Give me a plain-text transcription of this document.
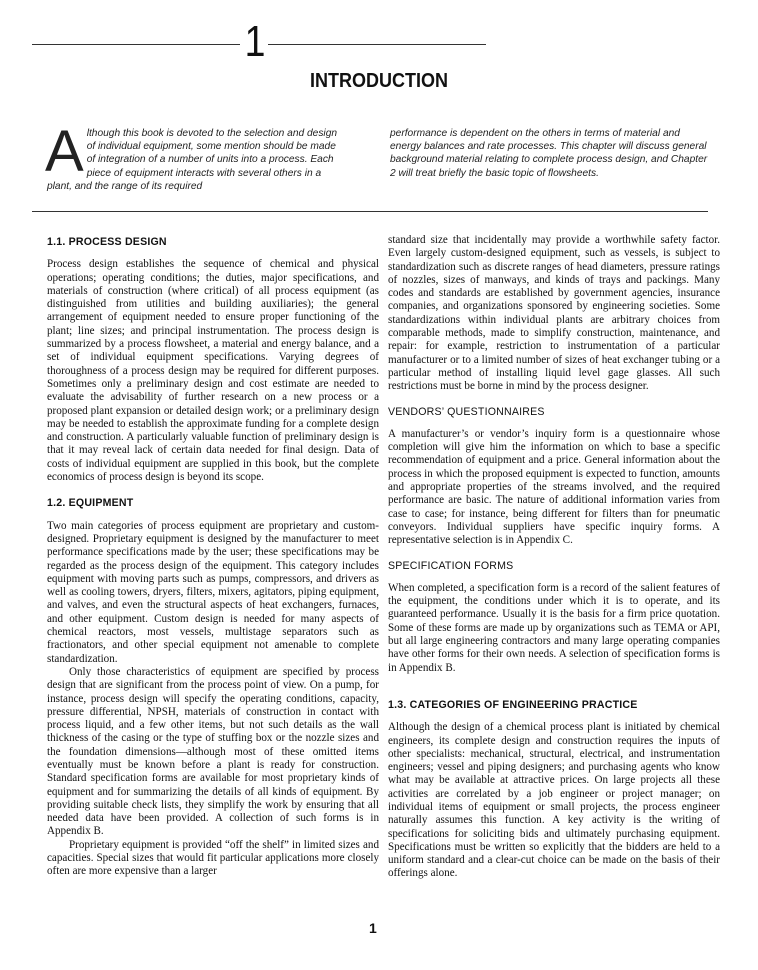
1
INTRODUCTION
Although this book is devoted to the selection and design of individual equipment, some mention should be made of integration of a number of units into a process. Each piece of equipment interacts with several others in a plant, and the range of its required
performance is dependent on the others in terms of material and energy balances and rate processes. This chapter will discuss general background material relating to complete process design, and Chapter 2 will treat briefly the basic topic of flowsheets.
1.1. PROCESS DESIGN

Process design establishes the sequence of chemical and physical operations; operating conditions; the duties, major specifications, and materials of construction (where critical) of all process equipment (as distinguished from utilities and building auxiliaries); the general arrangement of equipment needed to ensure proper functioning of the plant; line sizes; and principal instrumentation. The process design is summarized by a process flowsheet, a material and energy balance, and a set of individual equipment specifications. Varying degrees of thoroughness of a process design may be required for different purposes. Sometimes only a preliminary design and cost estimate are needed to evaluate the advisability of further research on a new process or a proposed plant expansion or detailed design work; or a preliminary design may be needed to establish the approximate funding for a complete design and construction. A particularly valuable function of preliminary design is that it may reveal lack of certain data needed for final design. Data of costs of individual equipment are supplied in this book, but the complete economics of process design is beyond its scope.

1.2. EQUIPMENT

Two main categories of process equipment are proprietary and custom-designed. Proprietary equipment is designed by the manufacturer to meet performance specifications made by the user; these specifications may be regarded as the process design of the equipment. This category includes equipment with moving parts such as pumps, compressors, and drivers as well as cooling towers, dryers, filters, mixers, agitators, piping equipment, and valves, and even the structural aspects of heat exchangers, furnaces, and other equipment. Custom design is needed for many aspects of chemical reactors, most vessels, multistage separators such as fractionators, and other special equipment not amenable to complete standardization.

Only those characteristics of equipment are specified by process design that are significant from the process point of view. On a pump, for instance, process design will specify the operating conditions, capacity, pressure differential, NPSH, materials of construction in contact with process liquid, and a few other items, but not such details as the wall thickness of the casing or the type of stuffing box or the nozzle sizes and the foundation dimensions—although most of these omitted items eventually must be known before a plant is ready for construction. Standard specification forms are available for most proprietary kinds of equipment and for summarizing the details of all kinds of equipment. By providing suitable check lists, they simplify the work by ensuring that all needed data have been provided. A collection of such forms is in Appendix B.

Proprietary equipment is provided “off the shelf” in limited sizes and capacities. Special sizes that would fit particular applications more closely often are more expensive than a larger

standard size that incidentally may provide a worthwhile safety factor. Even largely custom-designed equipment, such as vessels, is subject to standardization such as discrete ranges of head diameters, pressure ratings of nozzles, sizes of manways, and kinds of trays and packings. Many codes and standards are established by government agencies, insurance companies, and organizations sponsored by engineering societies. Some standardizations within individual plants are arbitrary choices from comparable methods, made to simplify construction, maintenance, and repair: for example, restriction to instrumentation of a particular manufacturer or to a limited number of sizes of heat exchanger tubing or a particular method of installing liquid level gage glasses. All such restrictions must be borne in mind by the process designer.

VENDORS’ QUESTIONNAIRES

A manufacturer’s or vendor’s inquiry form is a questionnaire whose completion will give him the information on which to base a specific recommendation of equipment and a price. General information about the process in which the proposed equipment is expected to function, amounts and appropriate properties of the streams involved, and the required performance are basic. The nature of additional information varies from case to case; for instance, being different for filters than for pneumatic conveyors. Individual suppliers have specific inquiry forms. A representative selection is in Appendix C.

SPECIFICATION FORMS

When completed, a specification form is a record of the salient features of the equipment, the conditions under which it is to operate, and its guaranteed performance. Usually it is the basis for a firm price quotation. Some of these forms are made up by organizations such as TEMA or API, but all large engineering contractors and many large operating companies have other forms for their own needs. A selection of specification forms is in Appendix B.

1.3. CATEGORIES OF ENGINEERING PRACTICE

Although the design of a chemical process plant is initiated by chemical engineers, its complete design and construction requires the inputs of other specialists: mechanical, structural, electrical, and instrumentation engineers; vessel and piping designers; and purchasing agents who know what may be available at attractive prices. On large projects all these activities are correlated by a job engineer or project manager; on individual items of equipment or small projects, the process engineer naturally assumes this function. A key activity is the writing of specifications for soliciting bids and ultimately purchasing equipment. Specifications must be written so explicitly that the bidders are held to a uniform standard and a clear-cut choice can be made on the basis of their offerings alone.

1
